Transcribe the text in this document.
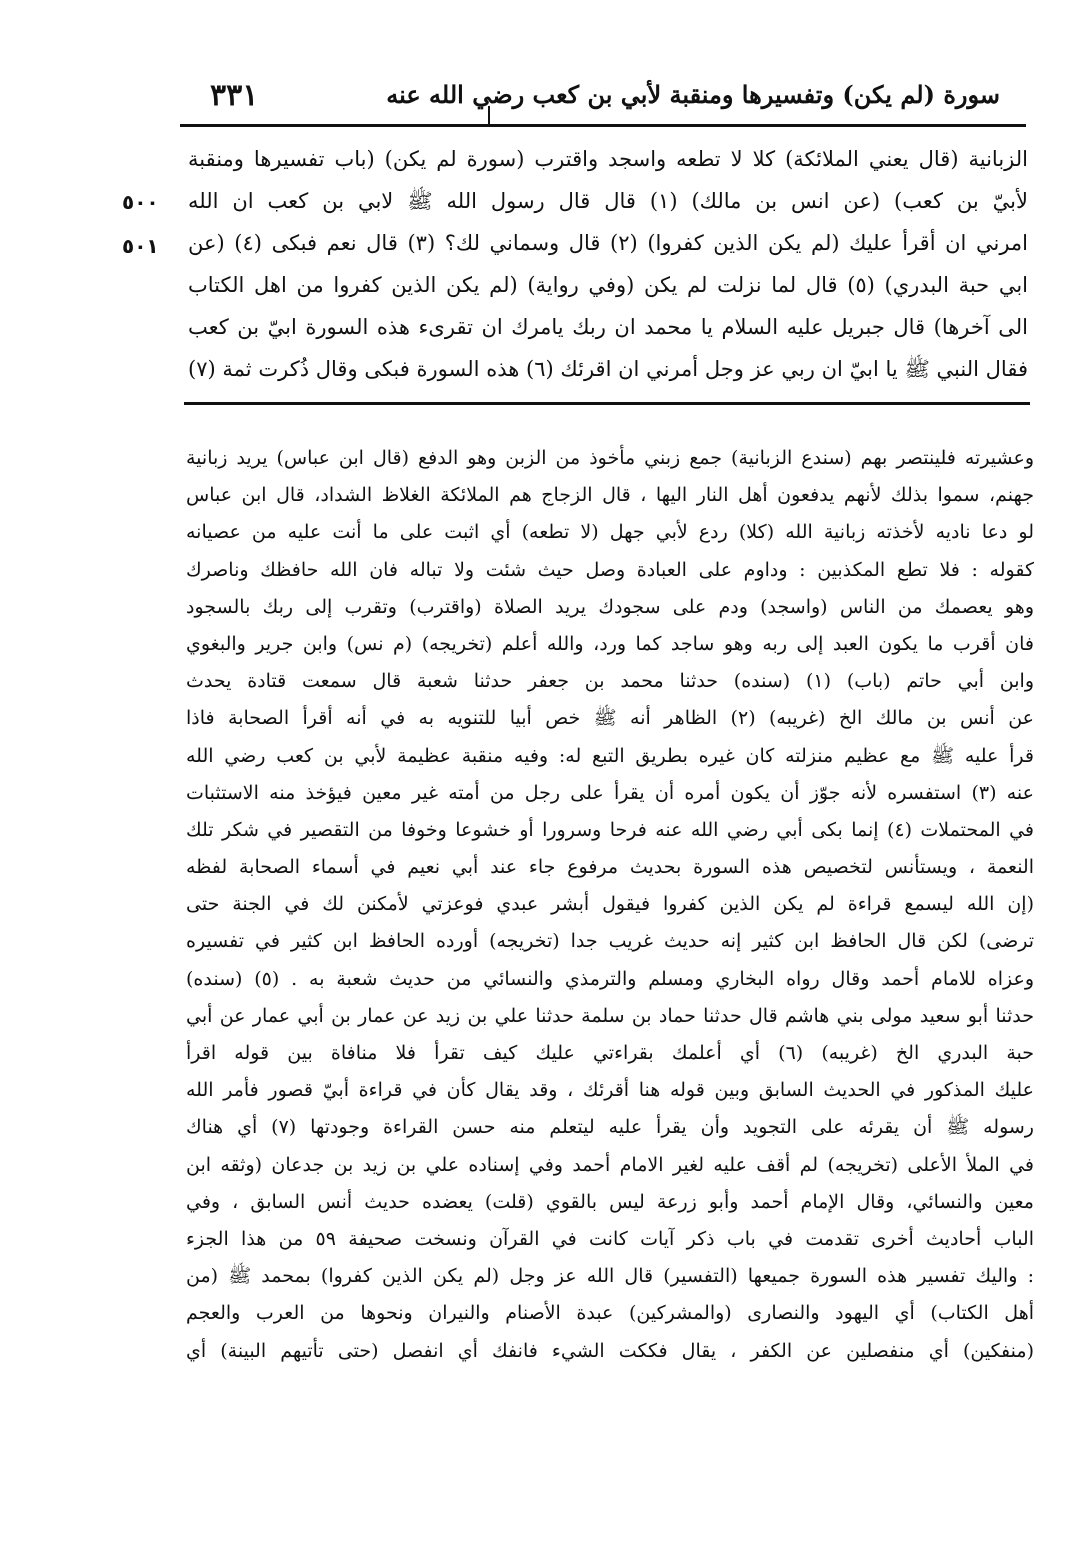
٣٣١	سورة (لم يكن) وتفسيرها ومنقبة لأبي بن كعب رضي الله عنه
٥٠٠
٥٠١
الزبانية (قال يعني الملائكة) كلا لا تطعه واسجد واقترب (سورة لم يكن) (باب تفسيرها ومنقبة
لأبيّ بن كعب) (عن انس بن مالك) (١) قال قال رسول الله ﷺ لابي بن كعب ان الله
امرني ان أقرأ عليك (لم يكن الذين كفروا) (٢) قال وسماني لك؟ (٣) قال نعم فبكى (٤) (عن
ابي حبة البدري) (٥) قال لما نزلت لم يكن (وفي رواية) (لم يكن الذين كفروا من اهل الكتاب
الى آخرها) قال جبريل عليه السلام يا محمد ان ربك يامرك ان تقرىء هذه السورة ابيّ بن كعب
فقال النبي ﷺ يا ابيّ ان ربي عز وجل أمرني ان اقرئك (٦) هذه السورة فبكى وقال ذُكرت ثمة (٧)
وعشيرته فلينتصر بهم (سندع الزبانية) جمع زبني مأخوذ من الزبن وهو الدفع (قال ابن عباس) يريد زبانية
جهنم، سموا بذلك لأنهم يدفعون أهل النار اليها ، قال الزجاج هم الملائكة الغلاظ الشداد، قال ابن عباس
لو دعا ناديه لأخذته زبانية الله (كلا) ردع لأبي جهل (لا تطعه) أي اثبت على ما أنت عليه من عصيانه
كقوله : فلا تطع المكذبين : وداوم على العبادة وصل حيث شئت ولا تباله فان الله حافظك وناصرك
وهو يعصمك من الناس (واسجد) ودم على سجودك يريد الصلاة (واقترب) وتقرب إلى ربك بالسجود
فان أقرب ما يكون العبد إلى ربه وهو ساجد كما ورد، والله أعلم (تخريجه) (م نس) وابن جرير والبغوي
وابن أبي حاتم (باب) (١) (سنده) حدثنا محمد بن جعفر حدثنا شعبة قال سمعت قتادة يحدث
عن أنس بن مالك الخ (غريبه) (٢) الظاهر أنه ﷺ خص أبيا للتنويه به في أنه أقرأ الصحابة فاذا
قرأ عليه ﷺ مع عظيم منزلته كان غيره بطريق التبع له: وفيه منقبة عظيمة لأبي بن كعب رضي الله
عنه (٣) استفسره لأنه جوّز أن يكون أمره أن يقرأ على رجل من أمته غير معين فيؤخذ منه الاستثبات
في المحتملات (٤) إنما بكى أبي رضي الله عنه فرحا وسرورا أو خشوعا وخوفا من التقصير في شكر تلك
النعمة ، ويستأنس لتخصيص هذه السورة بحديث مرفوع جاء عند أبي نعيم في أسماء الصحابة لفظه
(إن الله ليسمع قراءة لم يكن الذين كفروا فيقول أبشر عبدي فوعزتي لأمكنن لك في الجنة حتى
ترضى) لكن قال الحافظ ابن كثير إنه حديث غريب جدا (تخريجه) أورده الحافظ ابن كثير في تفسيره
وعزاه للامام أحمد وقال رواه البخاري ومسلم والترمذي والنسائي من حديث شعبة به . (٥) (سنده)
حدثنا أبو سعيد مولى بني هاشم قال حدثنا حماد بن سلمة حدثنا علي بن زيد عن عمار بن أبي عمار عن أبي
حبة البدري الخ (غريبه) (٦) أي أعلمك بقراءتي عليك كيف تقرأ فلا منافاة بين قوله اقرأ
عليك المذكور في الحديث السابق وبين قوله هنا أقرئك ، وقد يقال كأن في قراءة أبيّ قصور فأمر الله
رسوله ﷺ أن يقرئه على التجويد وأن يقرأ عليه ليتعلم منه حسن القراءة وجودتها (٧) أي هناك
في الملأ الأعلى (تخريجه) لم أقف عليه لغير الامام أحمد وفي إسناده علي بن زيد بن جدعان (وثقه ابن
معين والنسائي، وقال الإمام أحمد وأبو زرعة ليس بالقوي (قلت) يعضده حديث أنس السابق ، وفي
الباب أحاديث أخرى تقدمت في باب ذكر آيات كانت في القرآن ونسخت صحيفة ٥٩ من هذا الجزء
: واليك تفسير هذه السورة جميعها (التفسير) قال الله عز وجل (لم يكن الذين كفروا) بمحمد ﷺ (من
أهل الكتاب) أي اليهود والنصارى (والمشركين) عبدة الأصنام والنيران ونحوها من العرب والعجم
(منفكين) أي منفصلين عن الكفر ، يقال فككت الشيء فانفك أي انفصل (حتى تأتيهم البينة) أي
